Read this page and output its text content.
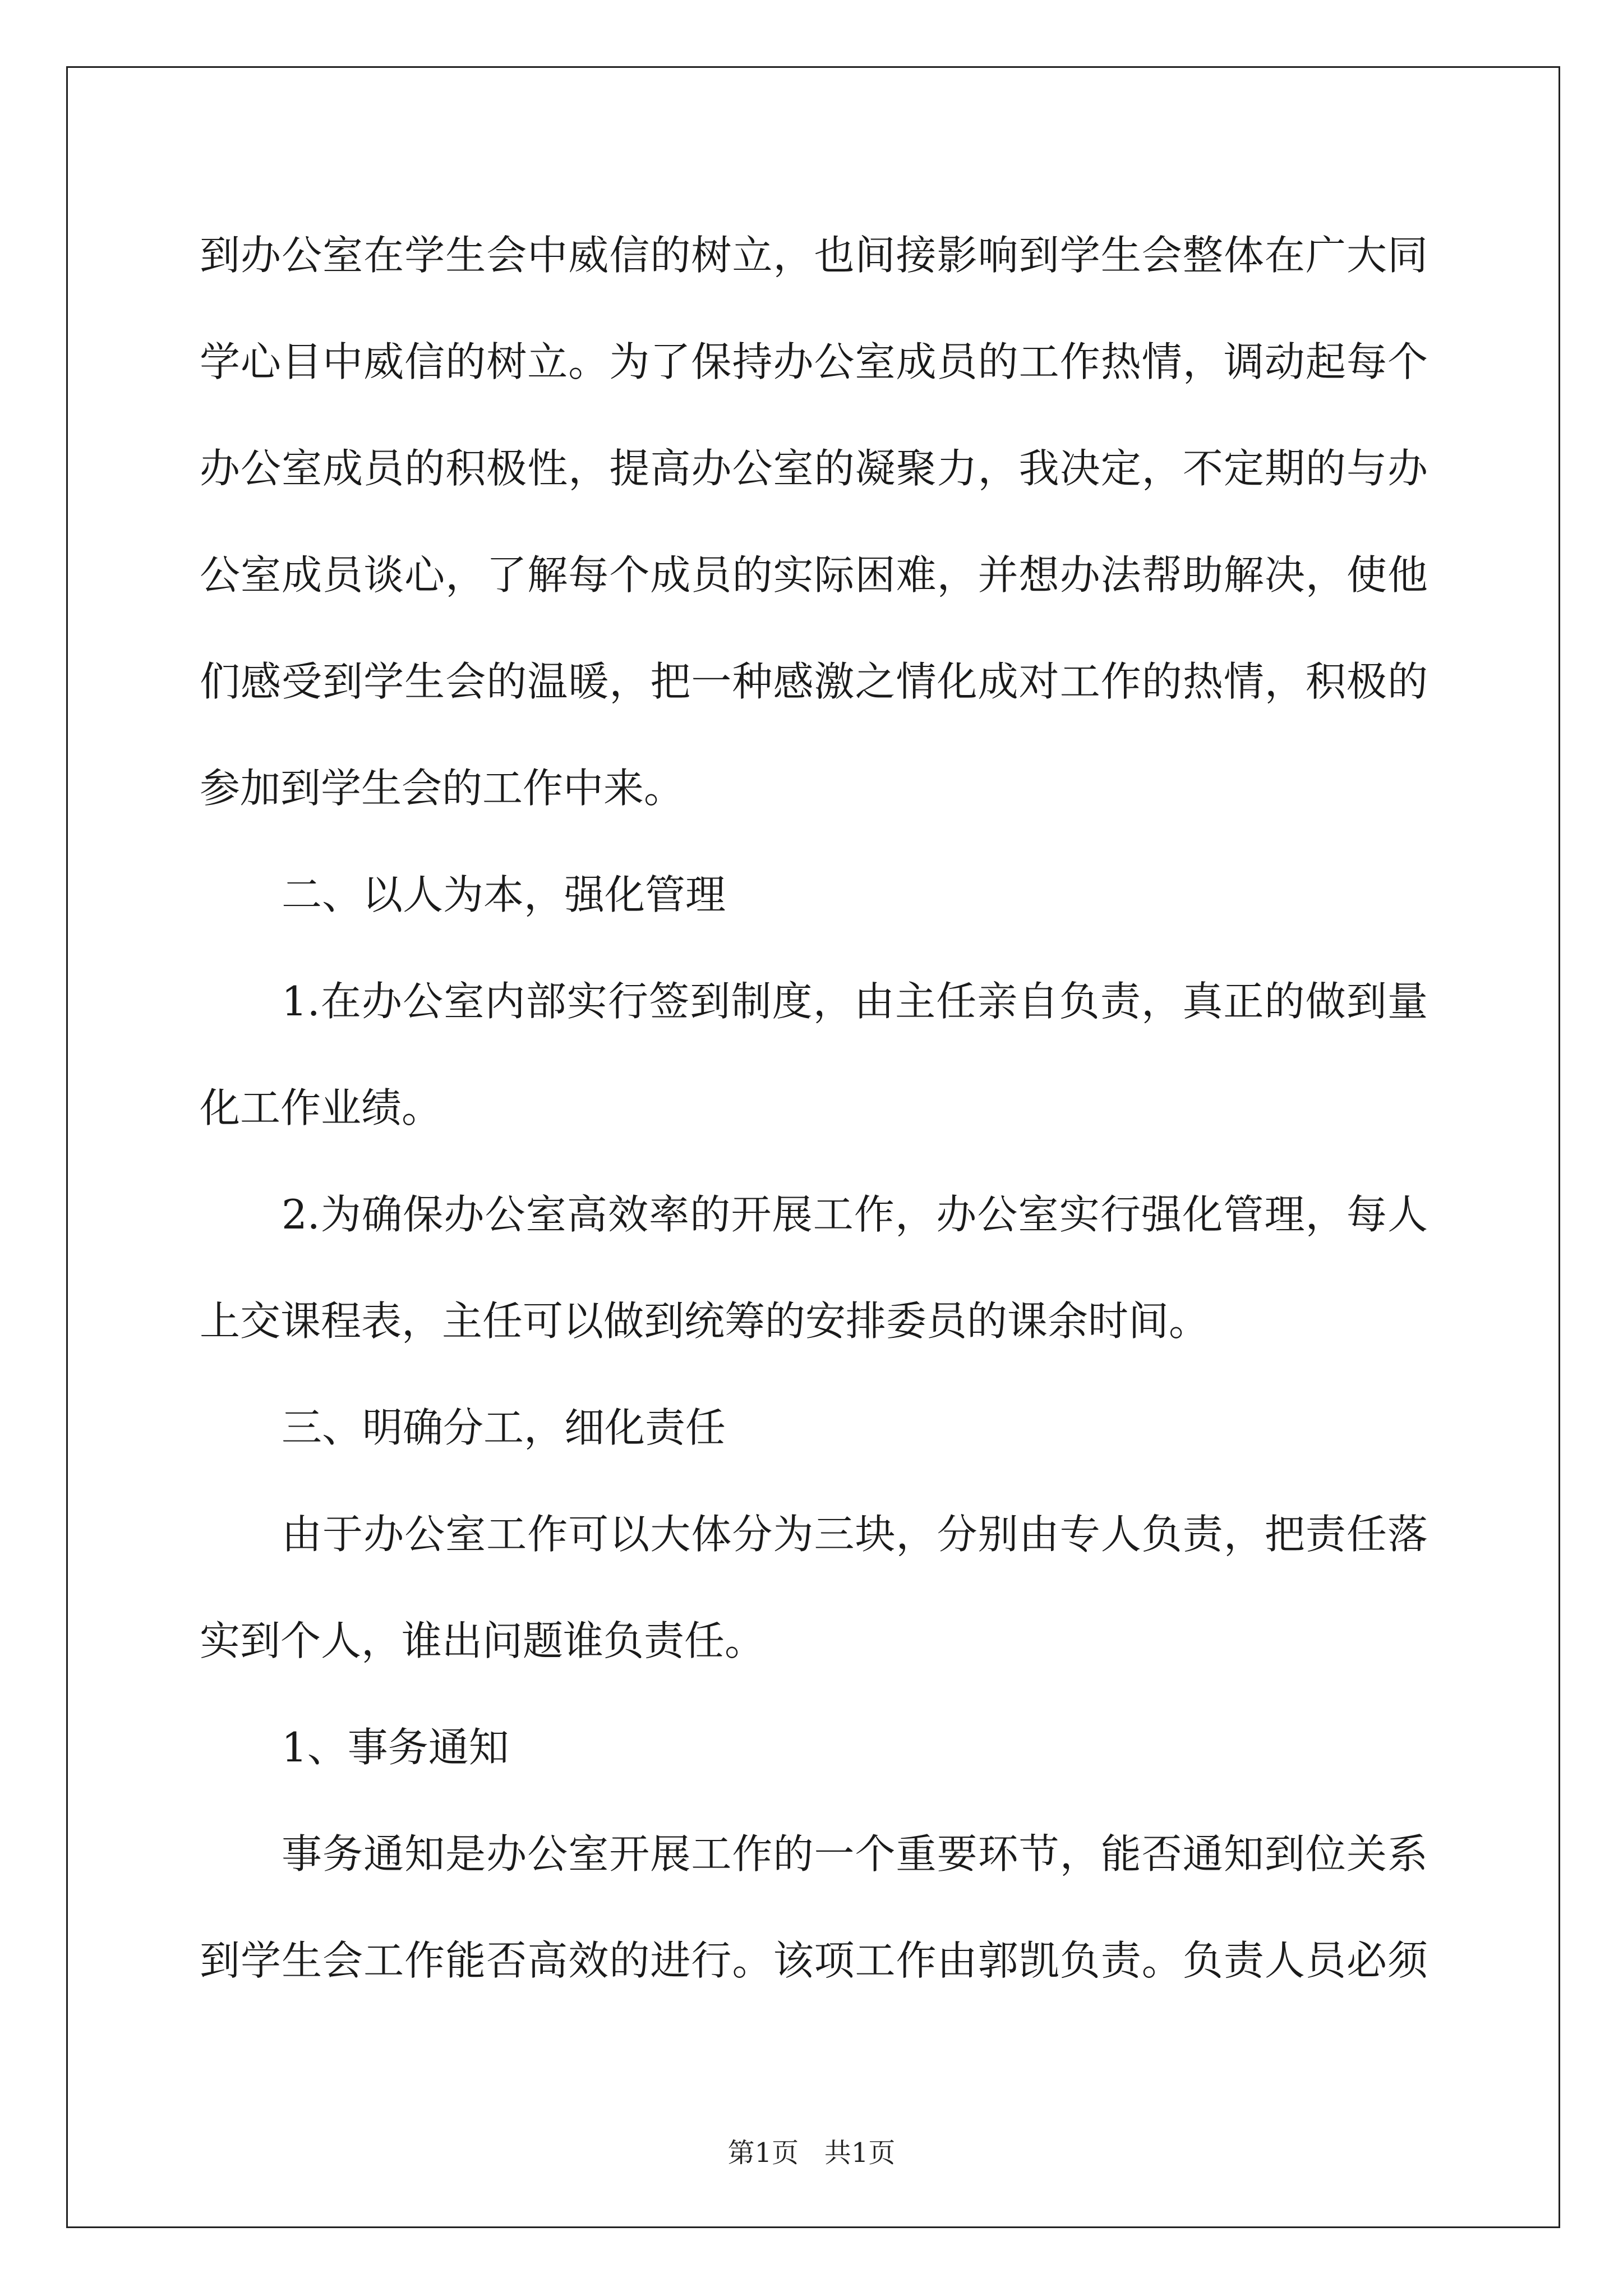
到办公室在学生会中威信的树立，也间接影响到学生会整体在广大同
学心目中威信的树立。为了保持办公室成员的工作热情，调动起每个
办公室成员的积极性，提高办公室的凝聚力，我决定，不定期的与办
公室成员谈心，了解每个成员的实际困难，并想办法帮助解决，使他
们感受到学生会的温暖，把一种感激之情化成对工作的热情，积极的
参加到学生会的工作中来。
二、以人为本，强化管理
1.在办公室内部实行签到制度，由主任亲自负责，真正的做到量
化工作业绩。
2.为确保办公室高效率的开展工作，办公室实行强化管理，每人
上交课程表，主任可以做到统筹的安排委员的课余时间。
三、明确分工，细化责任
由于办公室工作可以大体分为三块，分别由专人负责，把责任落
实到个人，谁出问题谁负责任。
1、事务通知
事务通知是办公室开展工作的一个重要环节，能否通知到位关系
到学生会工作能否高效的进行。该项工作由郭凯负责。负责人员必须
第1页   共1页
